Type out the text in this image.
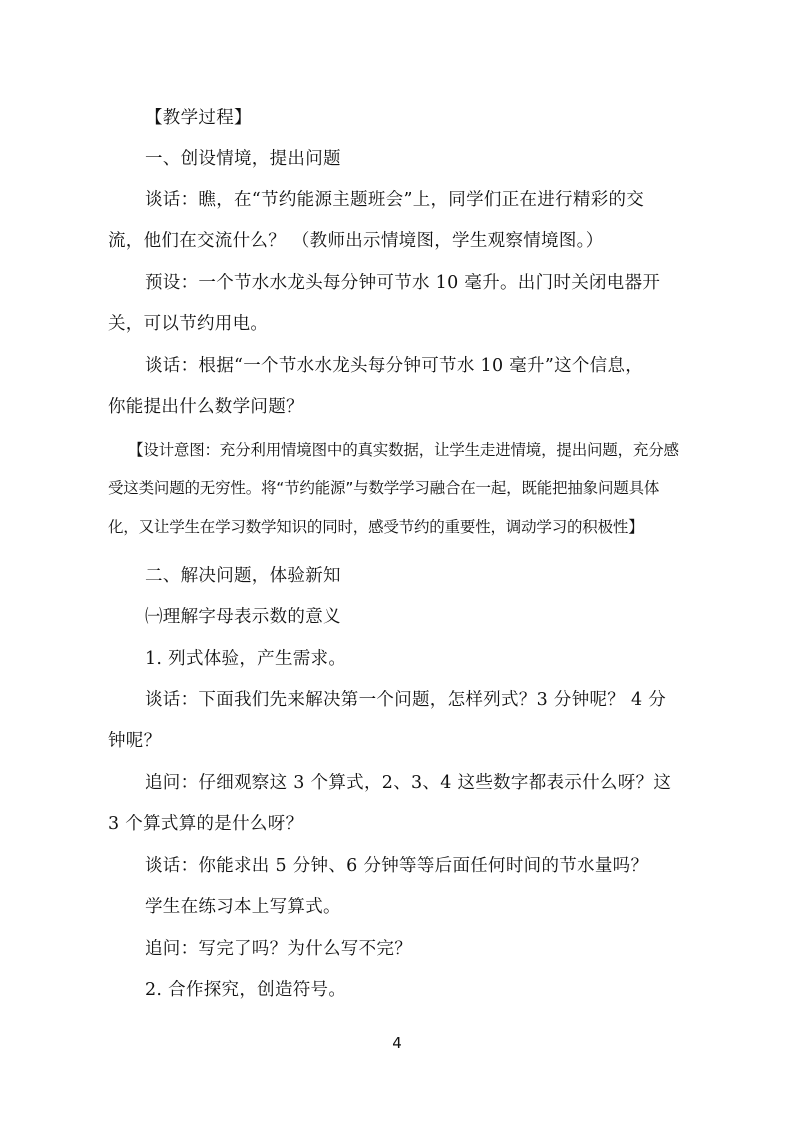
【教学过程】
一、创设情境，提出问题
谈话：瞧，在“节约能源主题班会”上，同学们正在进行精彩的交
流，他们在交流什么？ （教师出示情境图，学生观察情境图。）
预设：一个节水水龙头每分钟可节水 10 毫升。出门时关闭电器开
关，可以节约用电。
谈话：根据“一个节水水龙头每分钟可节水 10 毫升”这个信息，
你能提出什么数学问题？
【设计意图：充分利用情境图中的真实数据，让学生走进情境，提出问题，充分感
受这类问题的无穷性。将“节约能源”与数学学习融合在一起，既能把抽象问题具体
化，又让学生在学习数学知识的同时，感受节约的重要性，调动学习的积极性】
二、解决问题，体验新知
㈠理解字母表示数的意义
1. 列式体验，产生需求。
谈话：下面我们先来解决第一个问题，怎样列式？3 分钟呢？ 4 分
钟呢？
追问：仔细观察这 3 个算式，2、3、4 这些数字都表示什么呀？这
3 个算式算的是什么呀？
谈话：你能求出 5 分钟、6 分钟等等后面任何时间的节水量吗？
学生在练习本上写算式。
追问：写完了吗？为什么写不完？
2. 合作探究，创造符号。
4
